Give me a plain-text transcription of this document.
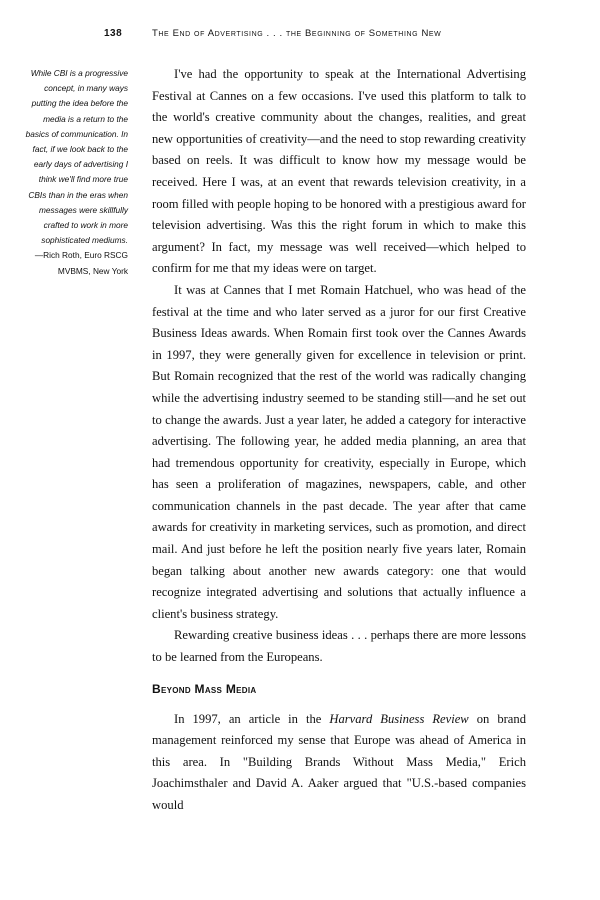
138	The End of Advertising . . . the Beginning of Something New

While CBI is a progressive concept, in many ways putting the idea before the media is a return to the basics of communication. In fact, if we look back to the early days of advertising I think we'll find more true CBIs than in the eras when messages were skillfully crafted to work in more sophisticated mediums.

—Rich Roth, Euro RSCG

MVBMS, New York

I've had the opportunity to speak at the International Advertising Festival at Cannes on a few occasions. I've used this platform to talk to the world's creative community about the changes, realities, and great new opportunities of creativity—and the need to stop rewarding creativity based on reels. It was difficult to know how my message would be received. Here I was, at an event that rewards television creativity, in a room filled with people hoping to be honored with a prestigious award for television advertising. Was this the right forum in which to make this argument? In fact, my message was well received—which helped to confirm for me that my ideas were on target.

It was at Cannes that I met Romain Hatchuel, who was head of the festival at the time and who later served as a juror for our first Creative Business Ideas awards. When Romain first took over the Cannes Awards in 1997, they were generally given for excellence in television or print. But Romain recognized that the rest of the world was radically changing while the advertising industry seemed to be standing still—and he set out to change the awards. Just a year later, he added a category for interactive advertising. The following year, he added media planning, an area that had tremendous opportunity for creativity, especially in Europe, which has seen a proliferation of magazines, newspapers, cable, and other communication channels in the past decade. The year after that came awards for creativity in marketing services, such as promotion, and direct mail. And just before he left the position nearly five years later, Romain began talking about another new awards category: one that would recognize integrated advertising and solutions that actually influence a client's business strategy.

Rewarding creative business ideas . . . perhaps there are more lessons to be learned from the Europeans.

Beyond Mass Media

In 1997, an article in the Harvard Business Review on brand management reinforced my sense that Europe was ahead of America in this area. In "Building Brands Without Mass Media," Erich Joachimsthaler and David A. Aaker argued that "U.S.-based companies would
